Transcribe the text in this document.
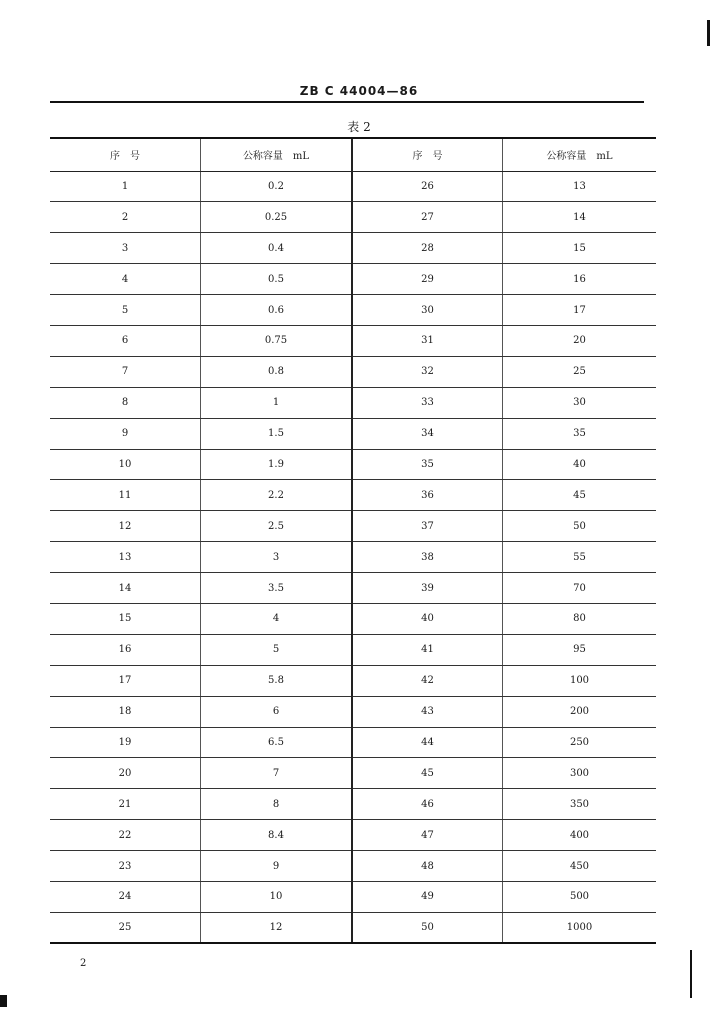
ZB C 44004—86
表 2
序　号	公称容量　mL	序　号	公称容量　mL
1	0.2	26	13
2	0.25	27	14
3	0.4	28	15
4	0.5	29	16
5	0.6	30	17
6	0.75	31	20
7	0.8	32	25
8	1	33	30
9	1.5	34	35
10	1.9	35	40
11	2.2	36	45
12	2.5	37	50
13	3	38	55
14	3.5	39	70
15	4	40	80
16	5	41	95
17	5.8	42	100
18	6	43	200
19	6.5	44	250
20	7	45	300
21	8	46	350
22	8.4	47	400
23	9	48	450
24	10	49	500
25	12	50	1000
2
